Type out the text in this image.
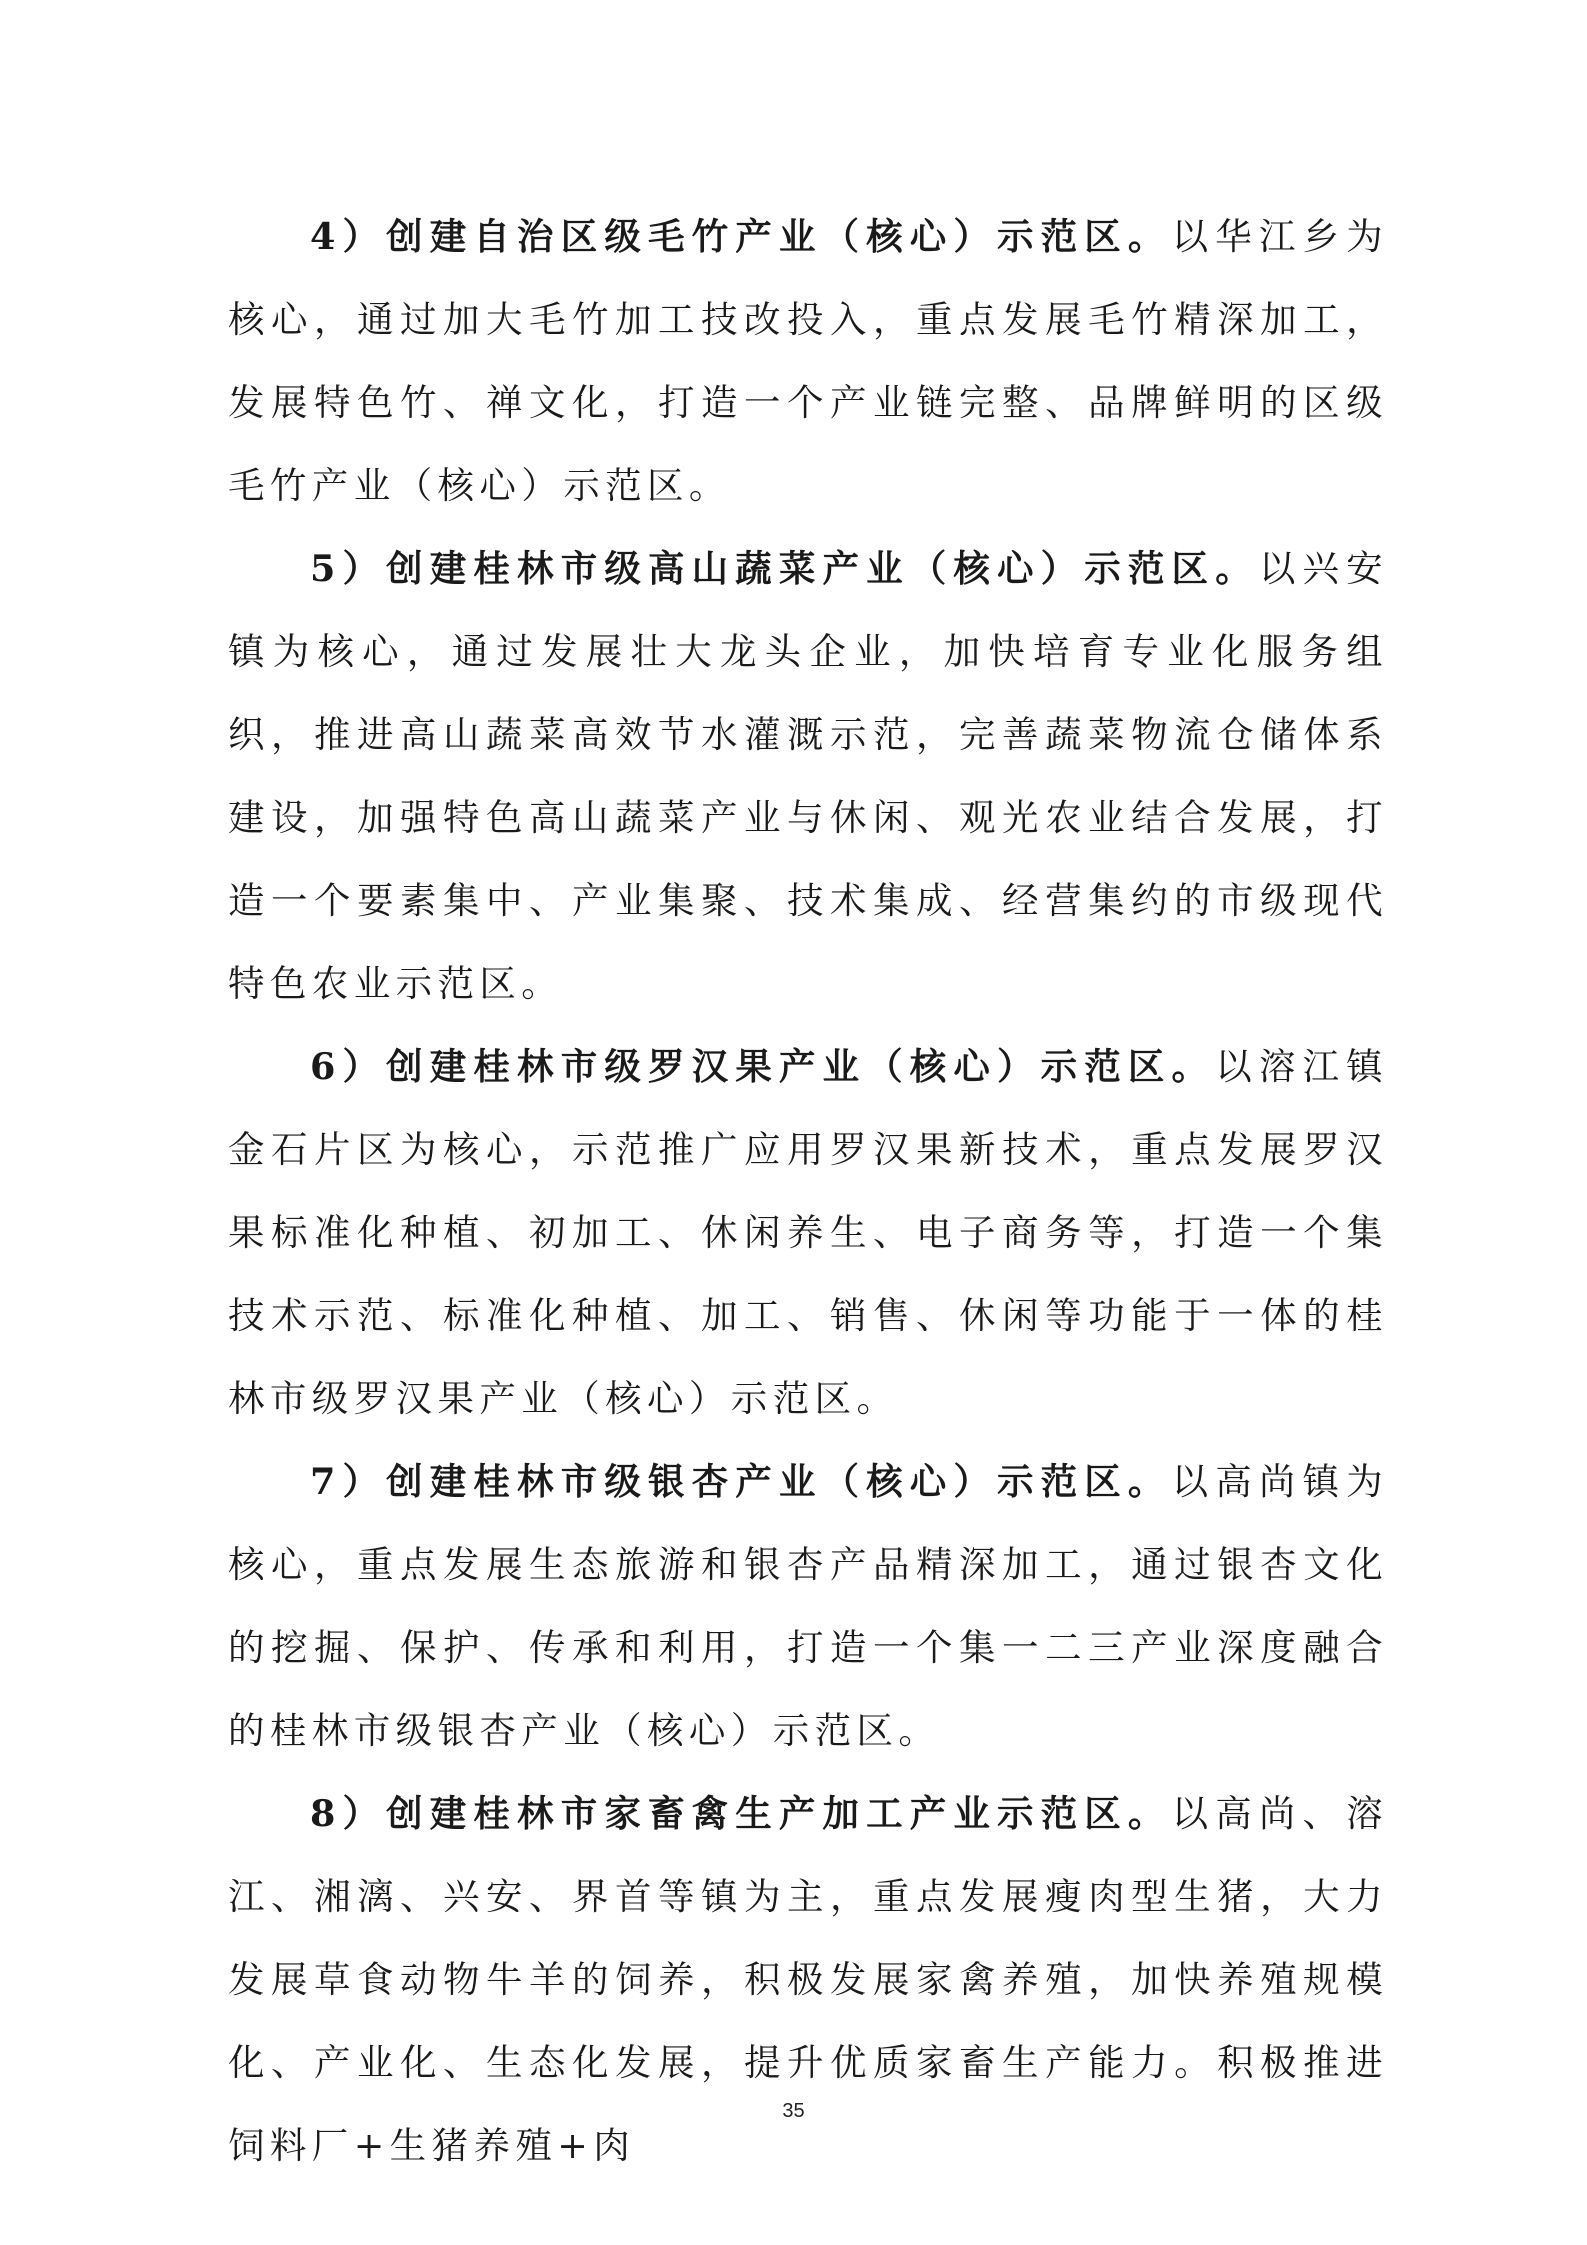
4）创建自治区级毛竹产业（核心）示范区。以华江乡为核心，通过加大毛竹加工技改投入，重点发展毛竹精深加工，发展特色竹、禅文化，打造一个产业链完整、品牌鲜明的区级毛竹产业（核心）示范区。

5）创建桂林市级高山蔬菜产业（核心）示范区。以兴安镇为核心，通过发展壮大龙头企业，加快培育专业化服务组织，推进高山蔬菜高效节水灌溉示范，完善蔬菜物流仓储体系建设，加强特色高山蔬菜产业与休闲、观光农业结合发展，打造一个要素集中、产业集聚、技术集成、经营集约的市级现代特色农业示范区。

6）创建桂林市级罗汉果产业（核心）示范区。以溶江镇金石片区为核心，示范推广应用罗汉果新技术，重点发展罗汉果标准化种植、初加工、休闲养生、电子商务等，打造一个集技术示范、标准化种植、加工、销售、休闲等功能于一体的桂林市级罗汉果产业（核心）示范区。

7）创建桂林市级银杏产业（核心）示范区。以高尚镇为核心，重点发展生态旅游和银杏产品精深加工，通过银杏文化的挖掘、保护、传承和利用，打造一个集一二三产业深度融合的桂林市级银杏产业（核心）示范区。

8）创建桂林市家畜禽生产加工产业示范区。以高尚、溶江、湘漓、兴安、界首等镇为主，重点发展瘦肉型生猪，大力发展草食动物牛羊的饲养，积极发展家禽养殖，加快养殖规模化、产业化、生态化发展，提升优质家畜生产能力。积极推进饲料厂+生猪养殖+肉

35
